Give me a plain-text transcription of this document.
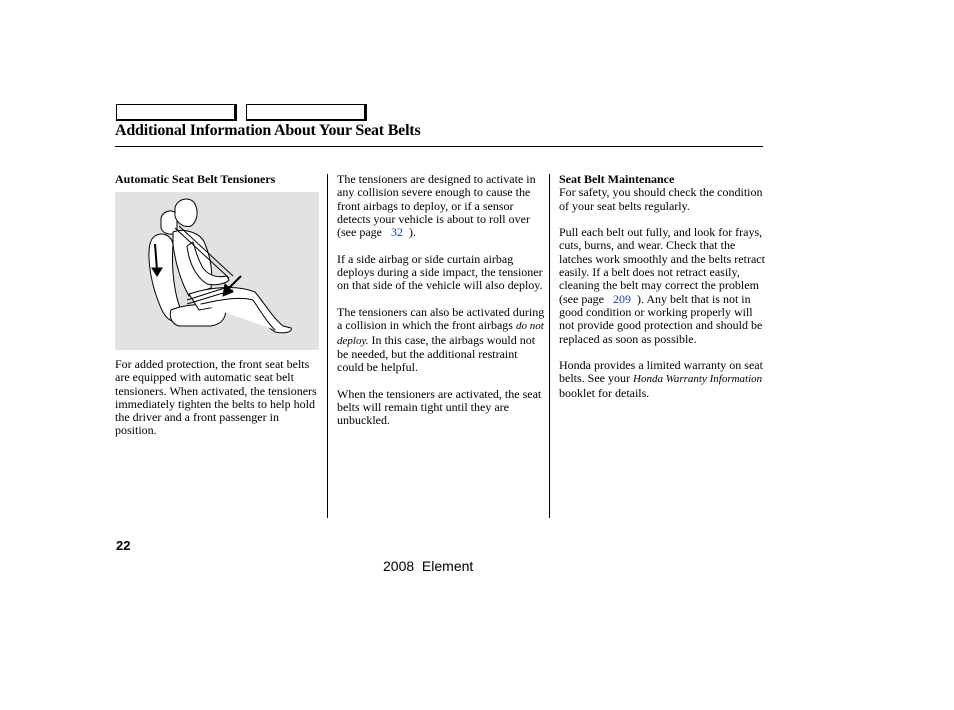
Additional Information About Your Seat Belts
Automatic Seat Belt Tensioners

For added protection, the front seat belts are equipped with automatic seat belt tensioners. When activated, the tensioners immediately tighten the belts to help hold the driver and a front passenger in position.

The tensioners are designed to activate in any collision severe enough to cause the front airbags to deploy, or if a sensor detects your vehicle is about to roll over (see page 32 ).

If a side airbag or side curtain airbag deploys during a side impact, the tensioner on that side of the vehicle will also deploy.

The tensioners can also be activated during a collision in which the front airbags do not deploy. In this case, the airbags would not be needed, but the additional restraint could be helpful.

When the tensioners are activated, the seat belts will remain tight until they are unbuckled.

Seat Belt Maintenance

For safety, you should check the condition of your seat belts regularly.

Pull each belt out fully, and look for frays, cuts, burns, and wear. Check that the latches work smoothly and the belts retract easily. If a belt does not retract easily, cleaning the belt may correct the problem (see page 209 ). Any belt that is not in good condition or working properly will not provide good protection and should be replaced as soon as possible.

Honda provides a limited warranty on seat belts. See your Honda Warranty Information booklet for details.

22
2008  Element
